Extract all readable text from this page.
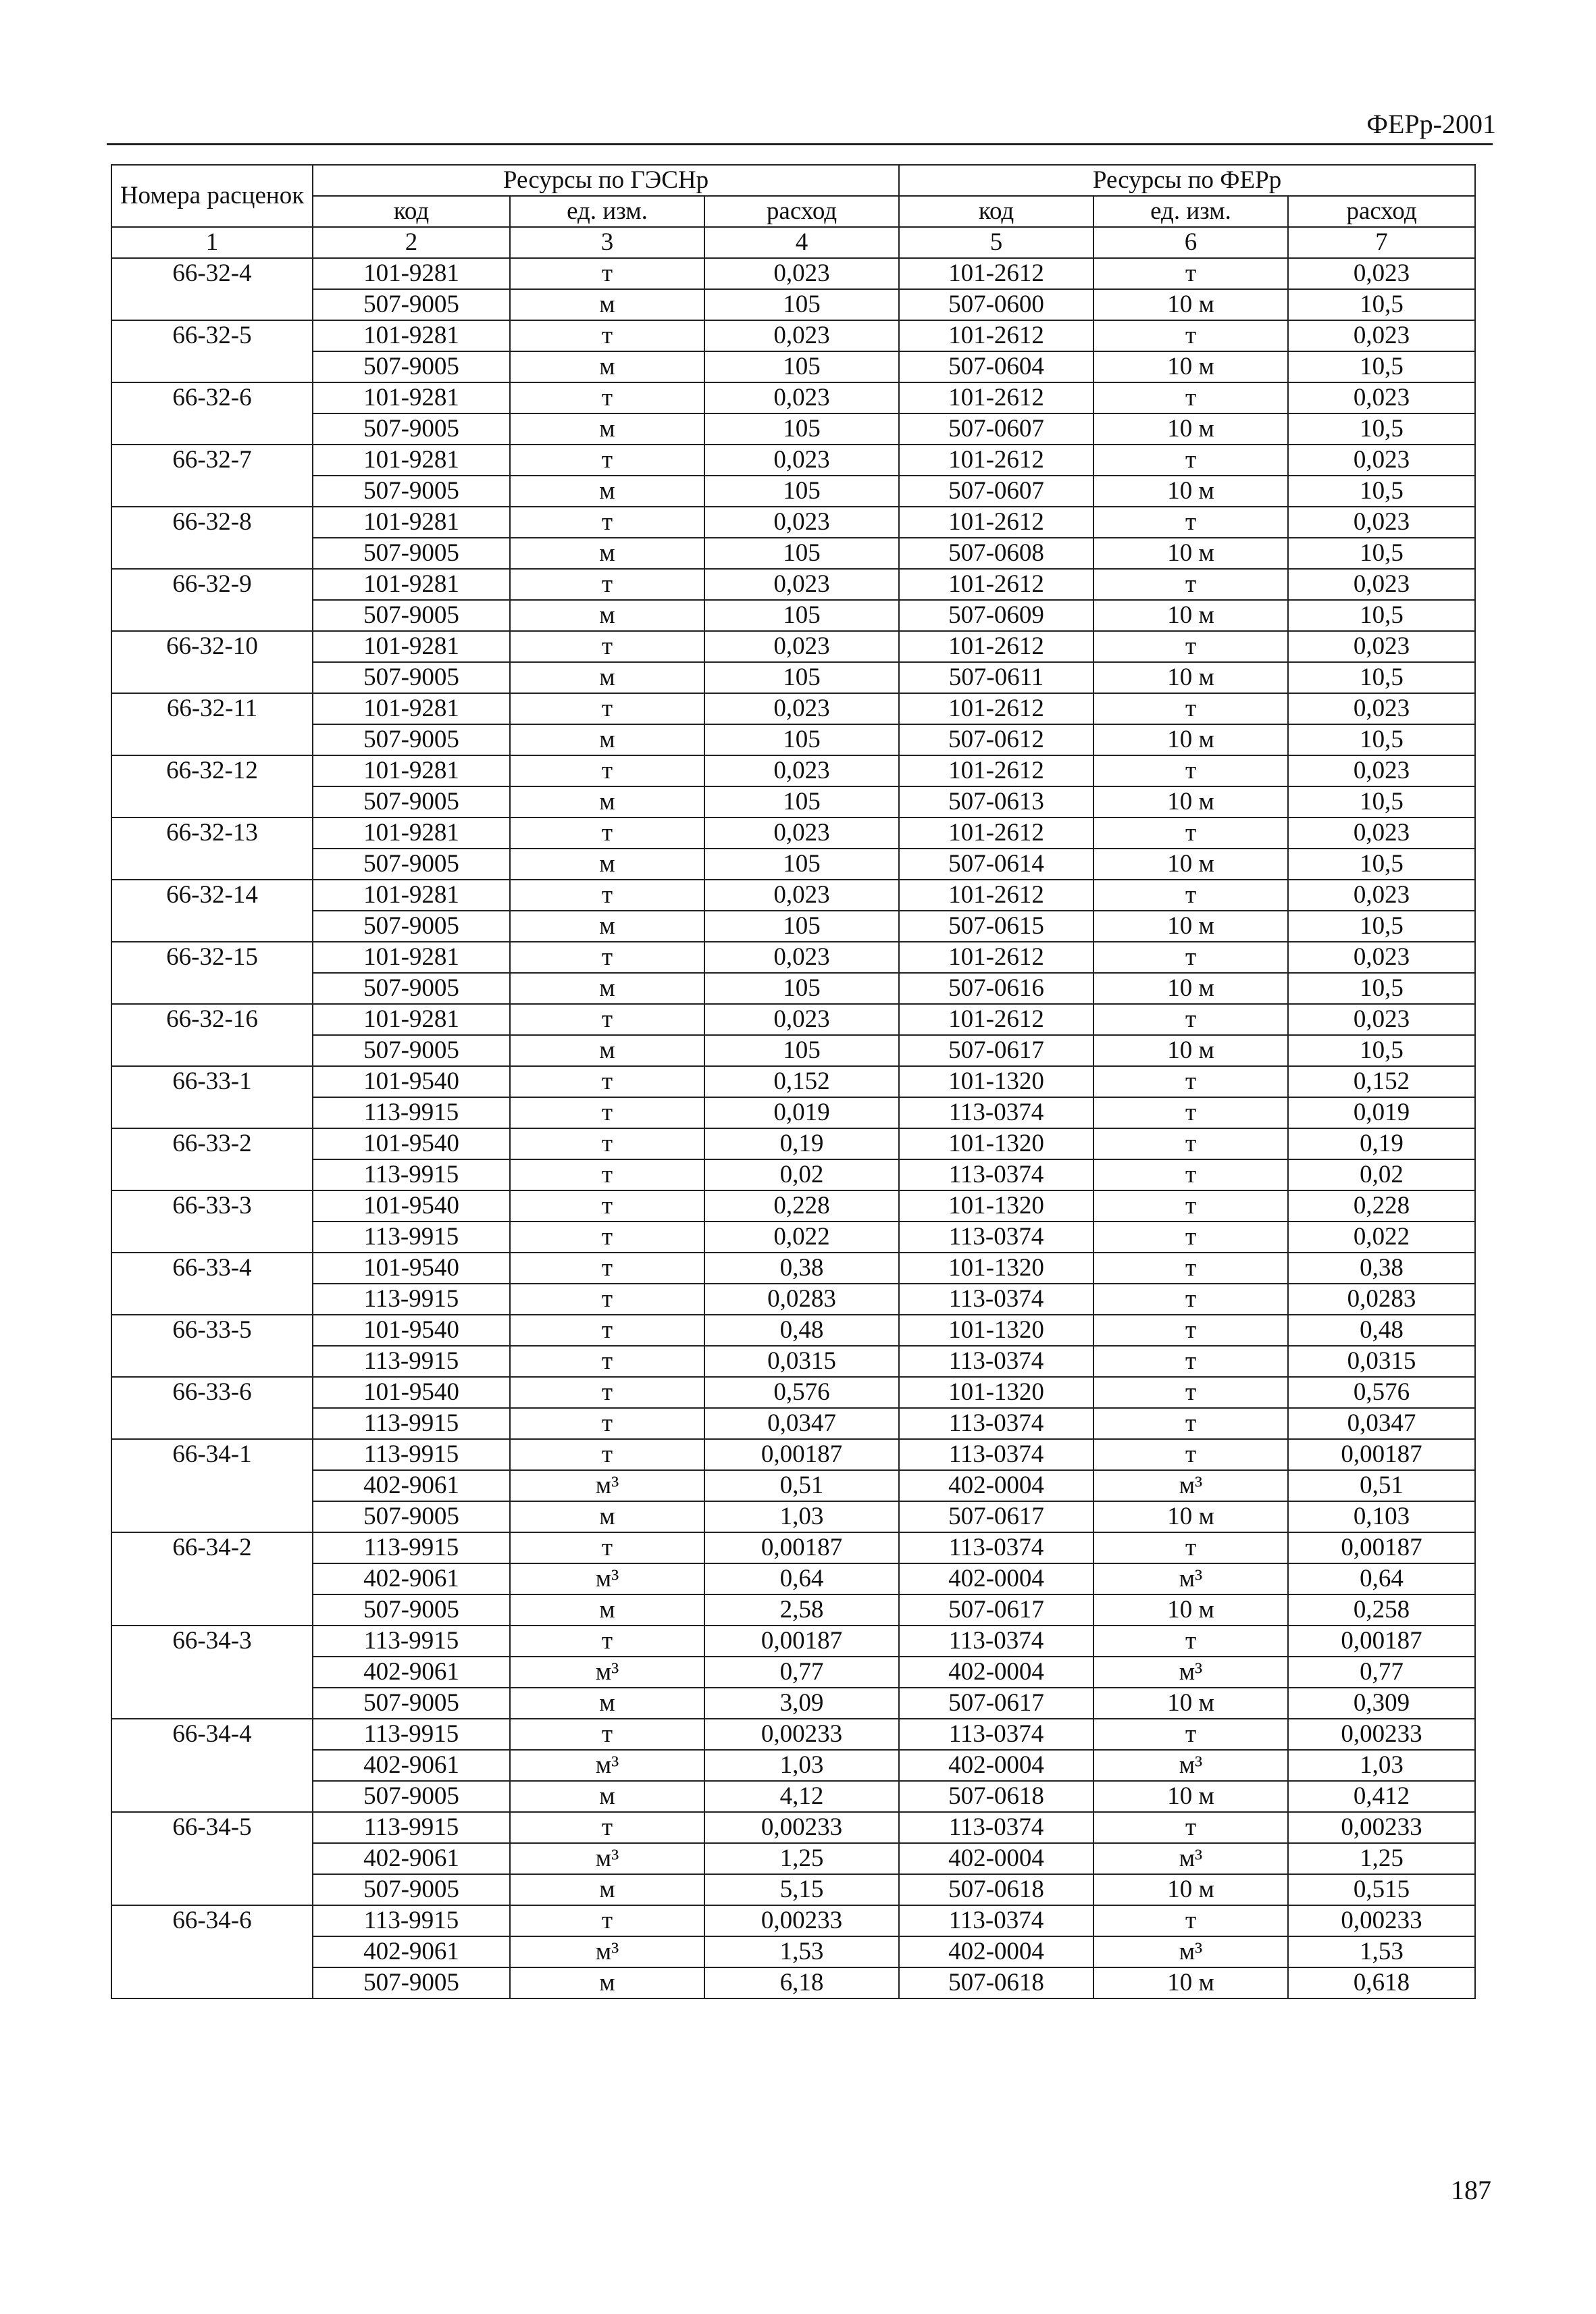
ФЕРр-2001
Номера расценок	Ресурсы по ГЭСНр			Ресурсы по ФЕРр		
	код	ед. изм.	расход	код	ед. изм.	расход
1	2	3	4	5	6	7
66-32-4	101-9281	т	0,023	101-2612	т	0,023
	507-9005	м	105	507-0600	10 м	10,5
66-32-5	101-9281	т	0,023	101-2612	т	0,023
	507-9005	м	105	507-0604	10 м	10,5
66-32-6	101-9281	т	0,023	101-2612	т	0,023
	507-9005	м	105	507-0607	10 м	10,5
66-32-7	101-9281	т	0,023	101-2612	т	0,023
	507-9005	м	105	507-0607	10 м	10,5
66-32-8	101-9281	т	0,023	101-2612	т	0,023
	507-9005	м	105	507-0608	10 м	10,5
66-32-9	101-9281	т	0,023	101-2612	т	0,023
	507-9005	м	105	507-0609	10 м	10,5
66-32-10	101-9281	т	0,023	101-2612	т	0,023
	507-9005	м	105	507-0611	10 м	10,5
66-32-11	101-9281	т	0,023	101-2612	т	0,023
	507-9005	м	105	507-0612	10 м	10,5
66-32-12	101-9281	т	0,023	101-2612	т	0,023
	507-9005	м	105	507-0613	10 м	10,5
66-32-13	101-9281	т	0,023	101-2612	т	0,023
	507-9005	м	105	507-0614	10 м	10,5
66-32-14	101-9281	т	0,023	101-2612	т	0,023
	507-9005	м	105	507-0615	10 м	10,5
66-32-15	101-9281	т	0,023	101-2612	т	0,023
	507-9005	м	105	507-0616	10 м	10,5
66-32-16	101-9281	т	0,023	101-2612	т	0,023
	507-9005	м	105	507-0617	10 м	10,5
66-33-1	101-9540	т	0,152	101-1320	т	0,152
	113-9915	т	0,019	113-0374	т	0,019
66-33-2	101-9540	т	0,19	101-1320	т	0,19
	113-9915	т	0,02	113-0374	т	0,02
66-33-3	101-9540	т	0,228	101-1320	т	0,228
	113-9915	т	0,022	113-0374	т	0,022
66-33-4	101-9540	т	0,38	101-1320	т	0,38
	113-9915	т	0,0283	113-0374	т	0,0283
66-33-5	101-9540	т	0,48	101-1320	т	0,48
	113-9915	т	0,0315	113-0374	т	0,0315
66-33-6	101-9540	т	0,576	101-1320	т	0,576
	113-9915	т	0,0347	113-0374	т	0,0347
66-34-1	113-9915	т	0,00187	113-0374	т	0,00187
	402-9061	м³	0,51	402-0004	м³	0,51
	507-9005	м	1,03	507-0617	10 м	0,103
66-34-2	113-9915	т	0,00187	113-0374	т	0,00187
	402-9061	м³	0,64	402-0004	м³	0,64
	507-9005	м	2,58	507-0617	10 м	0,258
66-34-3	113-9915	т	0,00187	113-0374	т	0,00187
	402-9061	м³	0,77	402-0004	м³	0,77
	507-9005	м	3,09	507-0617	10 м	0,309
66-34-4	113-9915	т	0,00233	113-0374	т	0,00233
	402-9061	м³	1,03	402-0004	м³	1,03
	507-9005	м	4,12	507-0618	10 м	0,412
66-34-5	113-9915	т	0,00233	113-0374	т	0,00233
	402-9061	м³	1,25	402-0004	м³	1,25
	507-9005	м	5,15	507-0618	10 м	0,515
66-34-6	113-9915	т	0,00233	113-0374	т	0,00233
	402-9061	м³	1,53	402-0004	м³	1,53
	507-9005	м	6,18	507-0618	10 м	0,618
187
